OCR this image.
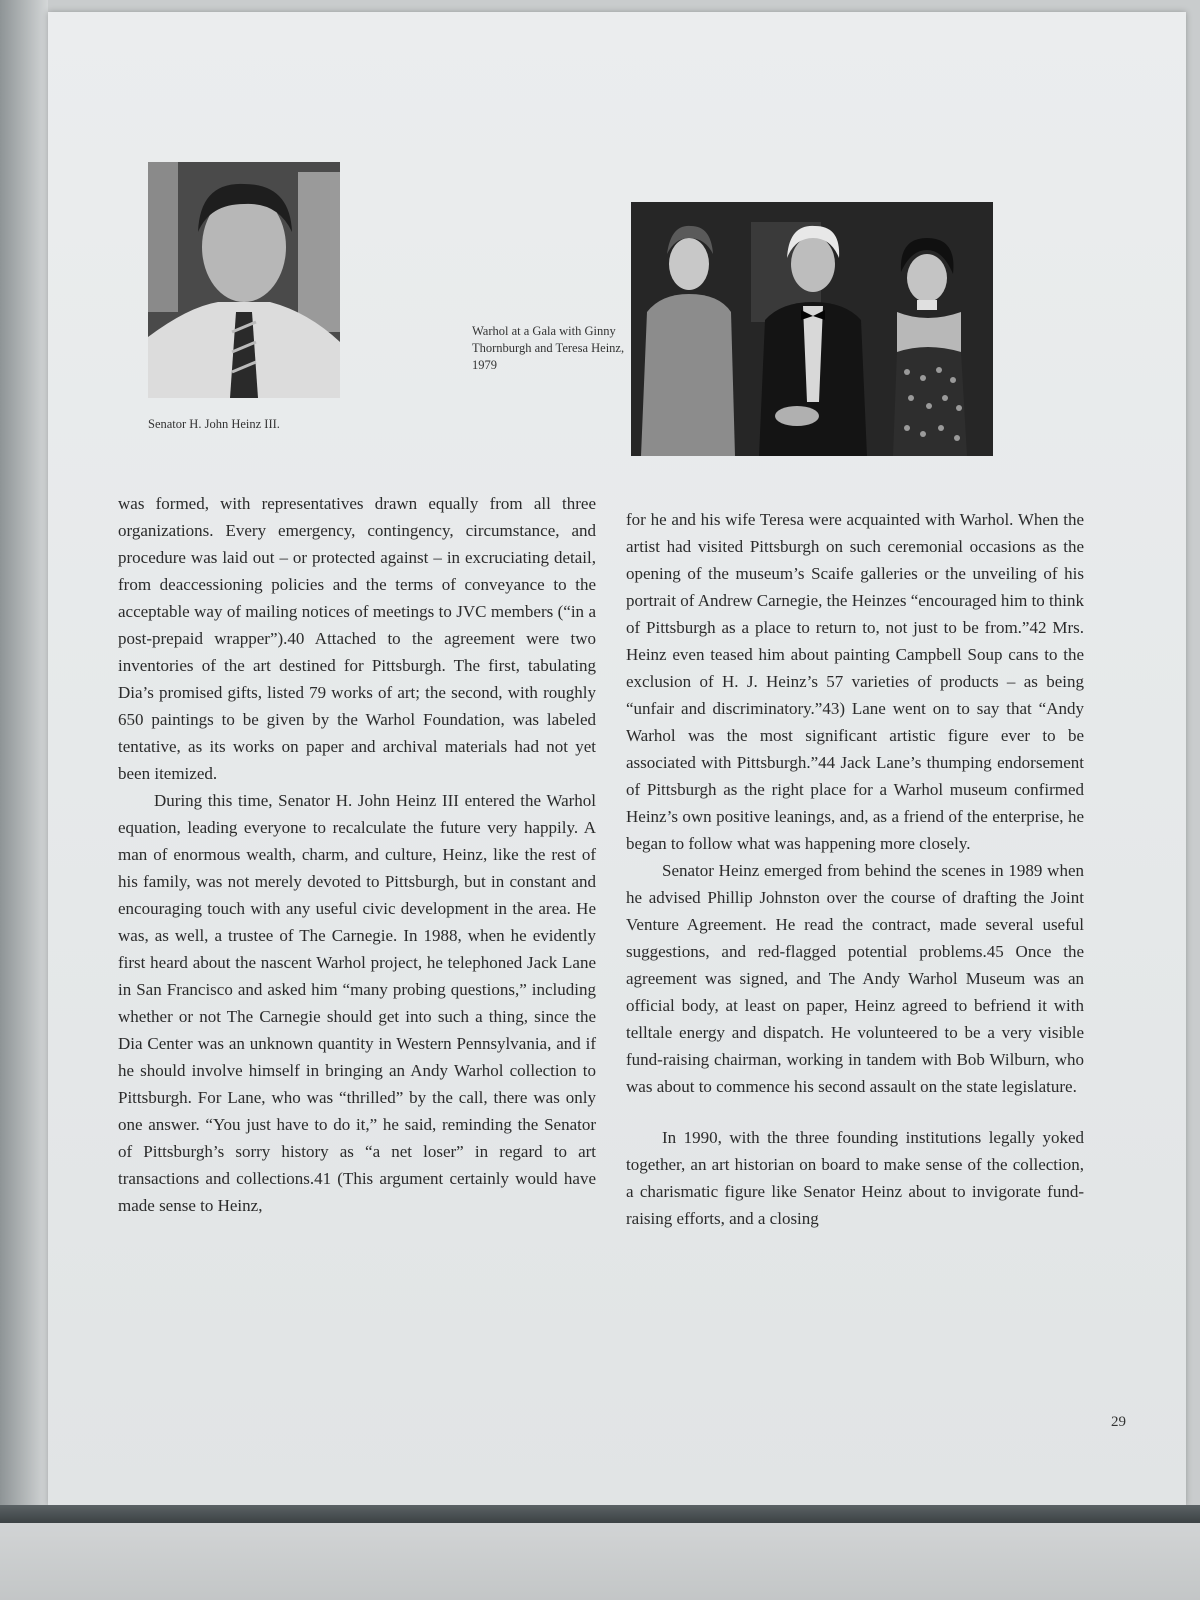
Senator H. John Heinz III.
Warhol at a Gala with Ginny Thornburgh and Teresa Heinz, 1979

was formed, with representatives drawn equally from all three organizations. Every emergency, contingency, circumstance, and procedure was laid out – or protected against – in excruciating detail, from deaccessioning policies and the terms of conveyance to the acceptable way of mailing notices of meetings to JVC members (“in a post-prepaid wrapper”).40 Attached to the agreement were two inventories of the art destined for Pittsburgh. The first, tabulating Dia’s promised gifts, listed 79 works of art; the second, with roughly 650 paintings to be given by the Warhol Foundation, was labeled tentative, as its works on paper and archival materials had not yet been itemized.

During this time, Senator H. John Heinz III entered the Warhol equation, leading everyone to recalculate the future very happily. A man of enormous wealth, charm, and culture, Heinz, like the rest of his family, was not merely devoted to Pittsburgh, but in constant and encouraging touch with any useful civic development in the area. He was, as well, a trustee of The Carnegie. In 1988, when he evidently first heard about the nascent Warhol project, he telephoned Jack Lane in San Francisco and asked him “many probing questions,” including whether or not The Carnegie should get into such a thing, since the Dia Center was an unknown quantity in Western Pennsylvania, and if he should involve himself in bringing an Andy Warhol collection to Pittsburgh. For Lane, who was “thrilled” by the call, there was only one answer. “You just have to do it,” he said, reminding the Senator of Pittsburgh’s sorry history as “a net loser” in regard to art transactions and collections.41 (This argument certainly would have made sense to Heinz,

for he and his wife Teresa were acquainted with Warhol. When the artist had visited Pittsburgh on such ceremonial occasions as the opening of the museum’s Scaife galleries or the unveiling of his portrait of Andrew Carnegie, the Heinzes “encouraged him to think of Pittsburgh as a place to return to, not just to be from.”42 Mrs. Heinz even teased him about painting Campbell Soup cans to the exclusion of H. J. Heinz’s 57 varieties of products – as being “unfair and discriminatory.”43) Lane went on to say that “Andy Warhol was the most significant artistic figure ever to be associated with Pittsburgh.”44 Jack Lane’s thumping endorsement of Pittsburgh as the right place for a Warhol museum confirmed Heinz’s own positive leanings, and, as a friend of the enterprise, he began to follow what was happening more closely.

Senator Heinz emerged from behind the scenes in 1989 when he advised Phillip Johnston over the course of drafting the Joint Venture Agreement. He read the contract, made several useful suggestions, and red-flagged potential problems.45 Once the agreement was signed, and The Andy Warhol Museum was an official body, at least on paper, Heinz agreed to befriend it with telltale energy and dispatch. He volunteered to be a very visible fund-raising chairman, working in tandem with Bob Wilburn, who was about to commence his second assault on the state legislature.

In 1990, with the three founding institutions legally yoked together, an art historian on board to make sense of the collection, a charismatic figure like Senator Heinz about to invigorate fund-raising efforts, and a closing

29
